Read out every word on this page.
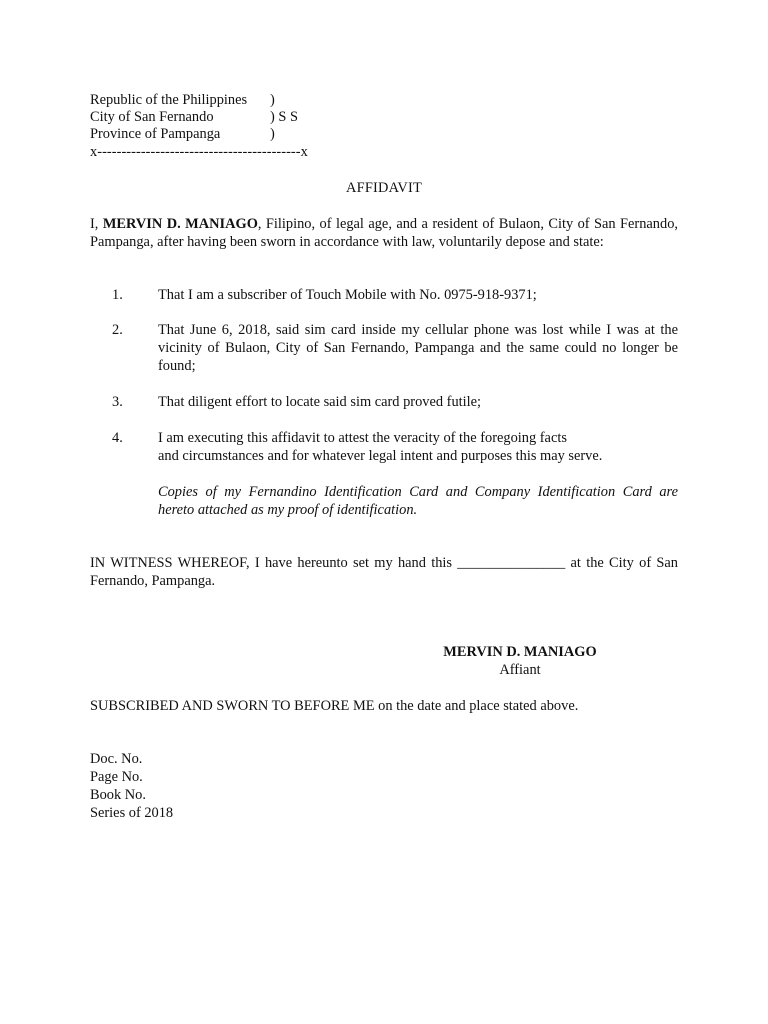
Republic of the Philippines )
City of San Fernando	) S S
Province of Pampanga	)
x------------------------------------------x
AFFIDAVIT
I, MERVIN D. MANIAGO, Filipino, of legal age, and a resident of Bulaon, City of San Fernando, Pampanga, after having been sworn in accordance with law, voluntarily depose and state:
1. That I am a subscriber of Touch Mobile with No. 0975-918-9371;
2. That June 6, 2018, said sim card inside my cellular phone was lost while I was at the vicinity of Bulaon, City of San Fernando, Pampanga and the same could no longer be found;
3. That diligent effort to locate said sim card proved futile;
4. I am executing this affidavit to attest the veracity of the foregoing facts
and circumstances and for whatever legal intent and purposes this may serve.
Copies of my Fernandino Identification Card and Company Identification Card are hereto attached as my proof of identification.
IN WITNESS WHEREOF, I have hereunto set my hand this _______________ at the City of San Fernando, Pampanga.
MERVIN D. MANIAGO
Affiant
SUBSCRIBED AND SWORN TO BEFORE ME on the date and place stated above.
Doc. No.
Page No.
Book No.
Series of 2018
